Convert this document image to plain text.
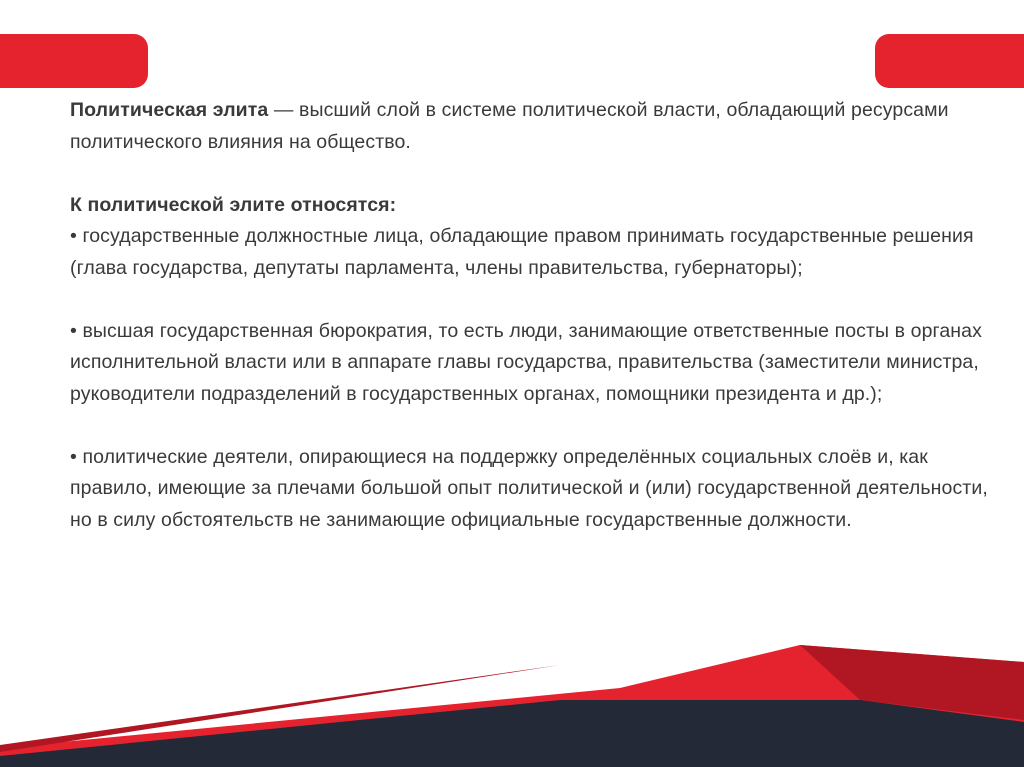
Политическая элита — высший слой в системе политической власти, обладающий ресурсами политического влияния на общество.

К политической элите относятся:

• государственные должностные лица, обладающие правом принимать государственные решения (глава государства, депутаты парламента, члены правительства, губернаторы);

• высшая государственная бюрократия, то есть люди, занимающие ответственные посты в органах исполнительной власти или в аппарате главы государства, правительства (заместители министра, руководители подразделений в государственных органах, помощники президента и др.);

• политические деятели, опирающиеся на поддержку определённых социальных слоёв и, как правило, имеющие за плечами большой опыт политической и (или) государственной деятельности, но в силу обстоятельств не занимающие официальные государственные должности.
